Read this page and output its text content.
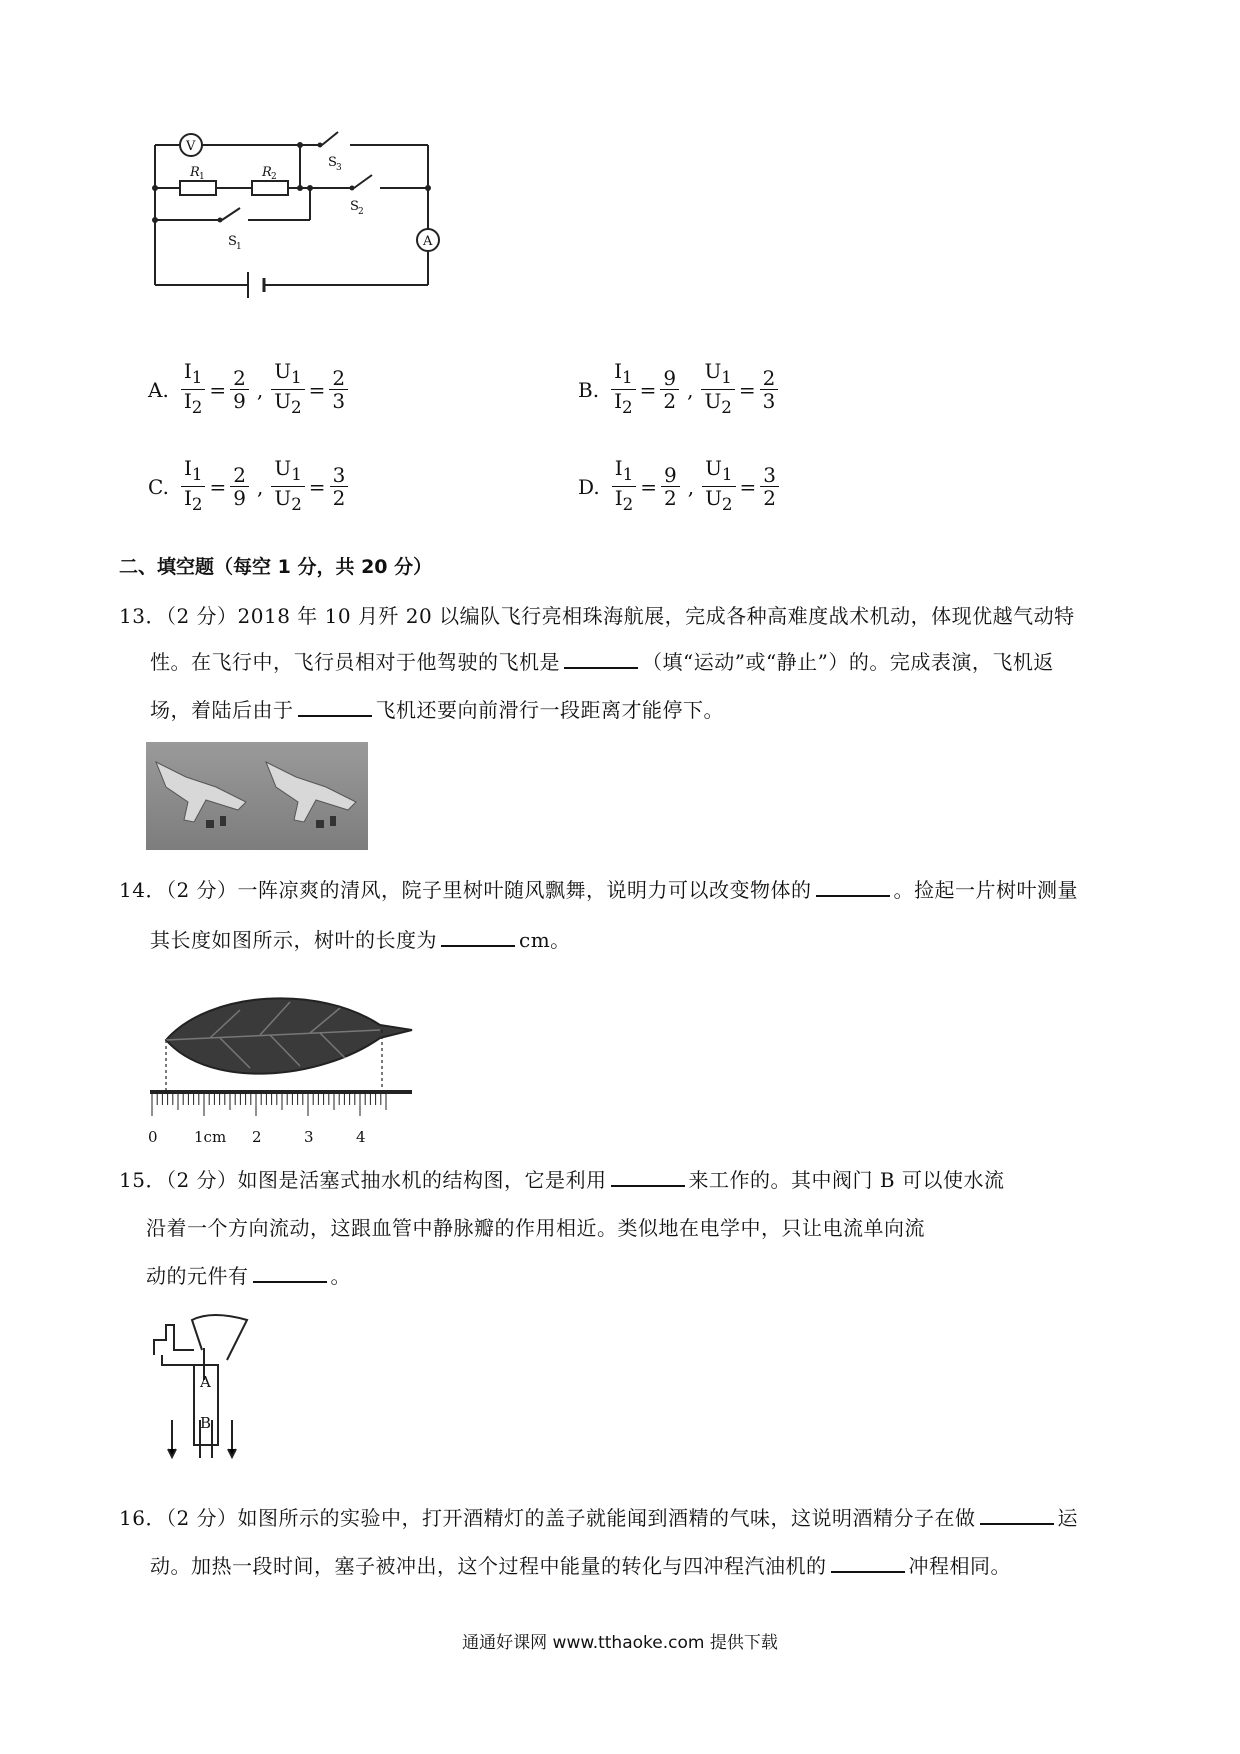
V
A
R 1	R 2
S 3
S 2
S 1
A. $\frac{I_1}{I_2} = \frac{2}{9}$ , $\frac{U_1}{U_2} = \frac{2}{3}$	B. $\frac{I_1}{I_2} = \frac{9}{2}$ , $\frac{U_1}{U_2} = \frac{2}{3}$
C. $\frac{I_1}{I_2} = \frac{2}{9}$ , $\frac{U_1}{U_2} = \frac{3}{2}$	D. $\frac{I_1}{I_2} = \frac{9}{2}$ , $\frac{U_1}{U_2} = \frac{3}{2}$
二、填空题（每空 1 分，共 20 分）
13．（2 分）2018 年 10 月歼 20 以编队飞行亮相珠海航展，完成各种高难度战术机动，体现优越气动特
性。在飞行中，飞行员相对于他驾驶的飞机是	（填“运动”或“静止”）的。完成表演，飞机返
场，着陆后由于	飞机还要向前滑行一段距离才能停下。
14．（2 分）一阵凉爽的清风，院子里树叶随风飘舞，说明力可以改变物体的	。捡起一片树叶测量
其长度如图所示，树叶的长度为	cm。
0 1cm 2	3	4
15．（2 分）如图是活塞式抽水机的结构图，它是利用	来工作的。其中阀门 B 可以使水流
沿着一个方向流动，这跟血管中静脉瓣的作用相近。类似地在电学中，只让电流单向流
动的元件有	。
A
B
16．（2 分）如图所示的实验中，打开酒精灯的盖子就能闻到酒精的气味，这说明酒精分子在做	运
动。加热一段时间，塞子被冲出，这个过程中能量的转化与四冲程汽油机的	冲程相同。
通通好课网 www.tthaoke.com 提供下载
